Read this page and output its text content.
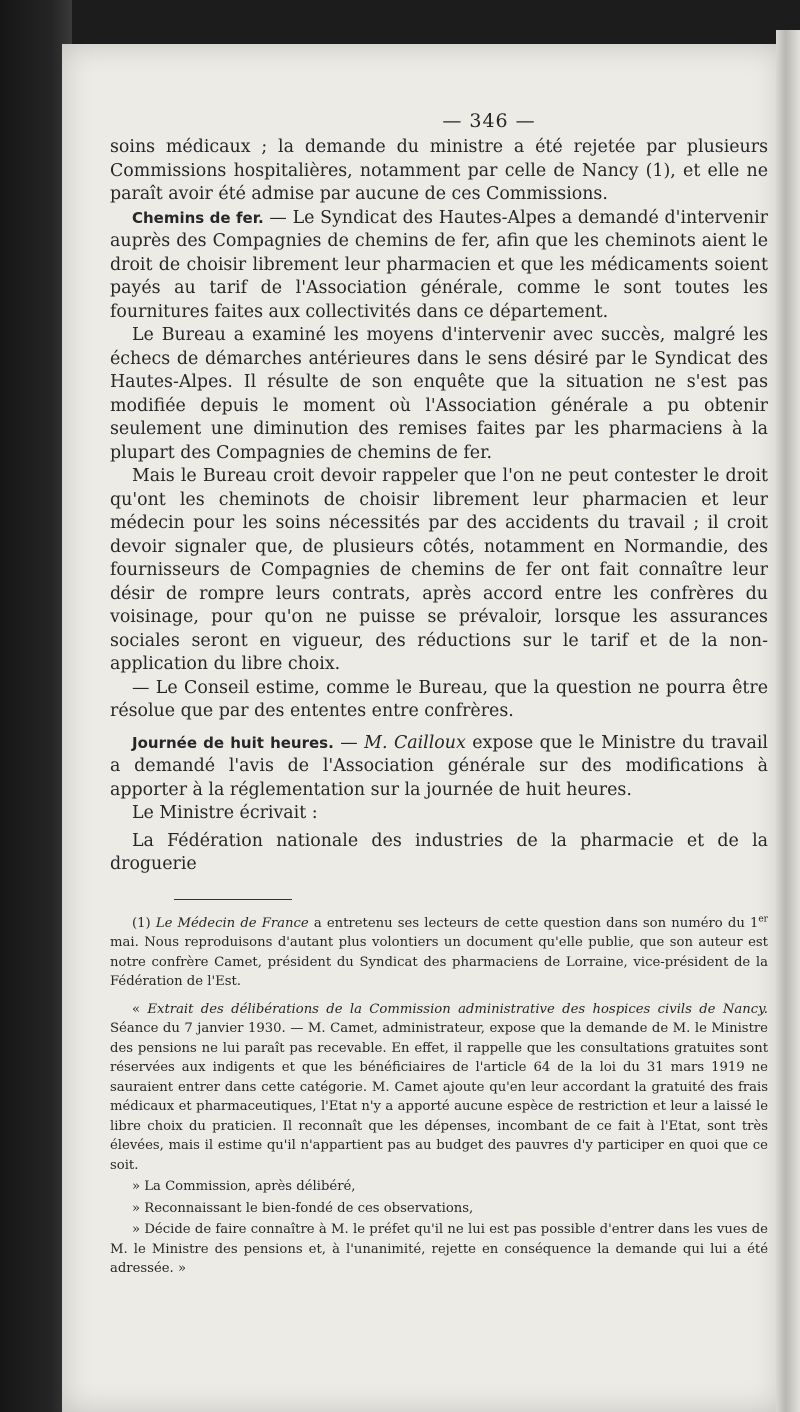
— 346 —

soins médicaux ; la demande du ministre a été rejetée par plusieurs Commissions hospitalières, notamment par celle de Nancy (1), et elle ne paraît avoir été admise par aucune de ces Commissions.

Chemins de fer. — Le Syndicat des Hautes-Alpes a demandé d'intervenir auprès des Compagnies de chemins de fer, afin que les cheminots aient le droit de choisir librement leur pharmacien et que les médicaments soient payés au tarif de l'Association générale, comme le sont toutes les fournitures faites aux collectivités dans ce département.

Le Bureau a examiné les moyens d'intervenir avec succès, malgré les échecs de démarches antérieures dans le sens désiré par le Syndicat des Hautes-Alpes. Il résulte de son enquête que la situation ne s'est pas modifiée depuis le moment où l'Association générale a pu obtenir seulement une diminution des remises faites par les pharmaciens à la plupart des Compagnies de chemins de fer.

Mais le Bureau croit devoir rappeler que l'on ne peut contester le droit qu'ont les cheminots de choisir librement leur pharmacien et leur médecin pour les soins nécessités par des accidents du travail ; il croit devoir signaler que, de plusieurs côtés, notamment en Normandie, des fournisseurs de Compagnies de chemins de fer ont fait connaître leur désir de rompre leurs contrats, après accord entre les confrères du voisinage, pour qu'on ne puisse se prévaloir, lorsque les assurances sociales seront en vigueur, des réductions sur le tarif et de la non-application du libre choix.

— Le Conseil estime, comme le Bureau, que la question ne pourra être résolue que par des ententes entre confrères.

Journée de huit heures. — M. Cailloux expose que le Ministre du travail a demandé l'avis de l'Association générale sur des modifications à apporter à la réglementation sur la journée de huit heures.

Le Ministre écrivait :

La Fédération nationale des industries de la pharmacie et de la droguerie

(1) Le Médecin de France a entretenu ses lecteurs de cette question dans son numéro du 1er mai. Nous reproduisons d'autant plus volontiers un document qu'elle publie, que son auteur est notre confrère Camet, président du Syndicat des pharmaciens de Lorraine, vice-président de la Fédération de l'Est.

« Extrait des délibérations de la Commission administrative des hospices civils de Nancy. Séance du 7 janvier 1930. — M. Camet, administrateur, expose que la demande de M. le Ministre des pensions ne lui paraît pas recevable. En effet, il rappelle que les consultations gratuites sont réservées aux indigents et que les bénéficiaires de l'article 64 de la loi du 31 mars 1919 ne sauraient entrer dans cette catégorie. M. Camet ajoute qu'en leur accordant la gratuité des frais médicaux et pharmaceutiques, l'Etat n'y a apporté aucune espèce de restriction et leur a laissé le libre choix du praticien. Il reconnaît que les dépenses, incombant de ce fait à l'Etat, sont très élevées, mais il estime qu'il n'appartient pas au budget des pauvres d'y participer en quoi que ce soit.

» La Commission, après délibéré,

» Reconnaissant le bien-fondé de ces observations,

» Décide de faire connaître à M. le préfet qu'il ne lui est pas possible d'entrer dans les vues de M. le Ministre des pensions et, à l'unanimité, rejette en conséquence la demande qui lui a été adressée. »
